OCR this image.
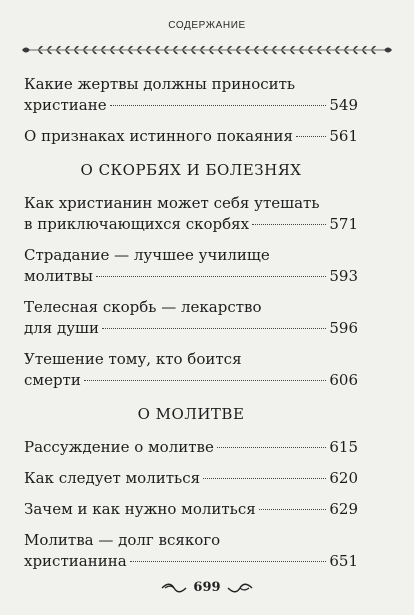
СОДЕРЖАНИЕ
Какие жертвы должны приносить
христиане	549
О признаках истинного покаяния 561
О СКОРБЯХ И БОЛЕЗНЯХ
Как христианин может себя утешать
в приключающихся скорбях	571
Страдание — лучшее училище
молитвы	593
Телесная скорбь — лекарство
для души	596
Утешение тому, кто боится
смерти	606
О МОЛИТВЕ
Рассуждение о молитве	615
Как следует молиться	620
Зачем и как нужно молиться	629
Молитва — долг всякого
христианина	651
699
